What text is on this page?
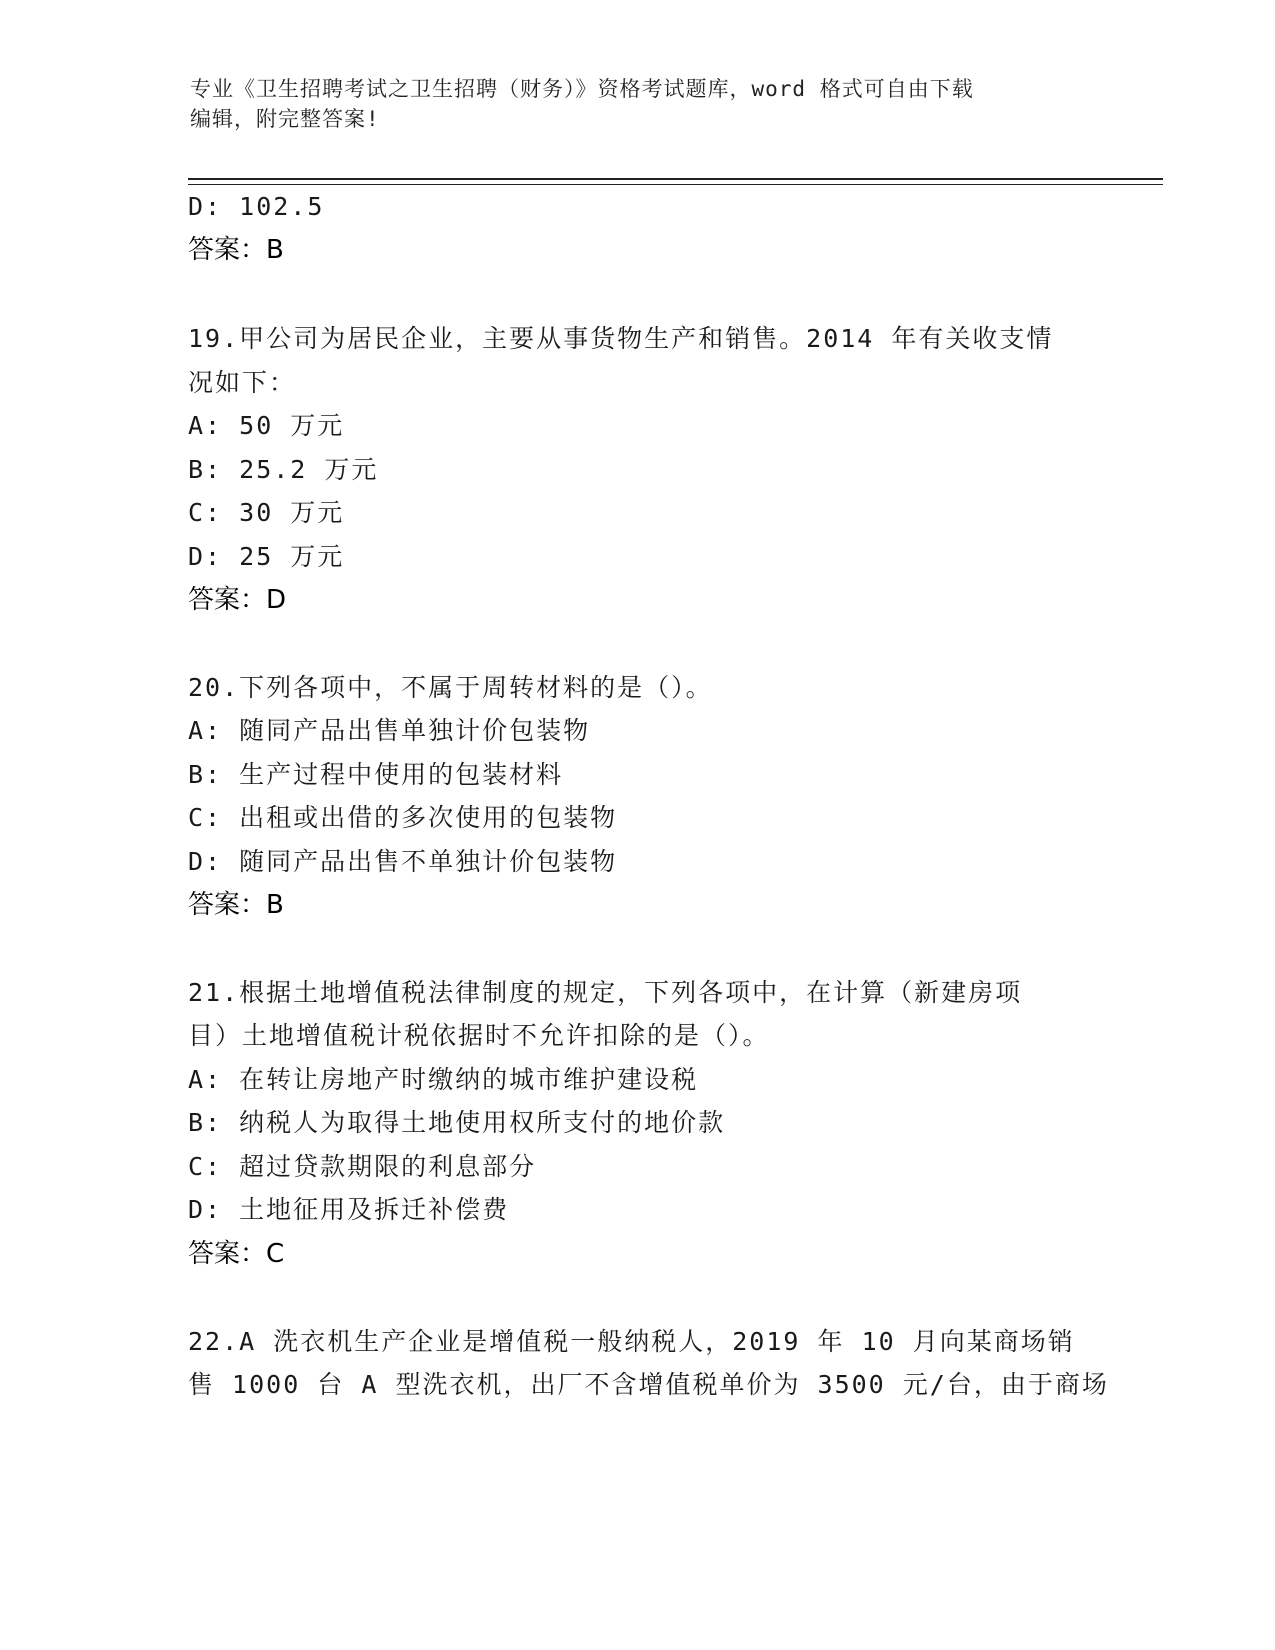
专业《卫生招聘考试之卫生招聘（财务）》资格考试题库，word 格式可自由下载
编辑，附完整答案!
D: 102.5
答案：B
19.甲公司为居民企业，主要从事货物生产和销售。2014 年有关收支情
况如下：
A: 50 万元
B: 25.2 万元
C: 30 万元
D: 25 万元
答案：D
20.下列各项中，不属于周转材料的是（）。
A: 随同产品出售单独计价包装物
B: 生产过程中使用的包装材料
C: 出租或出借的多次使用的包装物
D: 随同产品出售不单独计价包装物
答案：B
21.根据土地增值税法律制度的规定，下列各项中，在计算（新建房项
目）土地增值税计税依据时不允许扣除的是（）。
A: 在转让房地产时缴纳的城市维护建设税
B: 纳税人为取得土地使用权所支付的地价款
C: 超过贷款期限的利息部分
D: 土地征用及拆迁补偿费
答案：C
22.A 洗衣机生产企业是增值税一般纳税人，2019 年 10 月向某商场销
售 1000 台 A 型洗衣机，出厂不含增值税单价为 3500 元/台，由于商场
